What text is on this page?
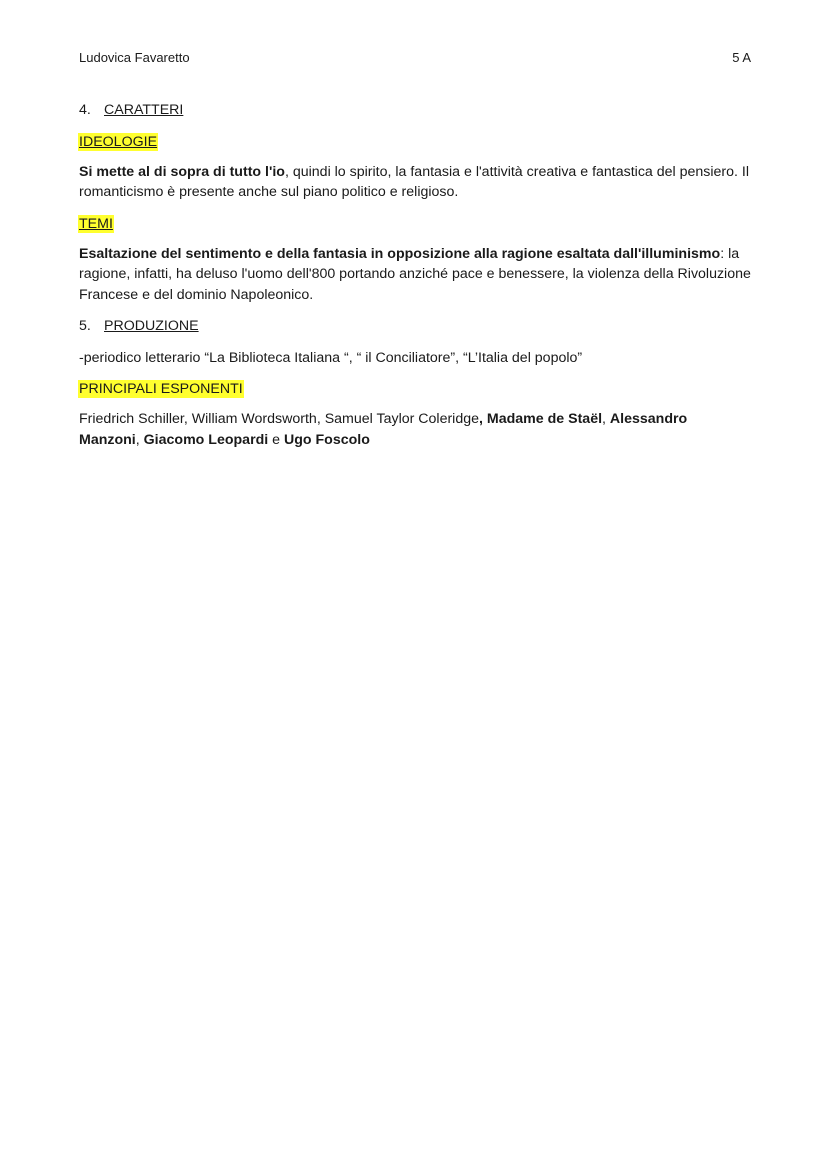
Ludovica Favaretto	5 A

4. CARATTERI

IDEOLOGIE

Si mette al di sopra di tutto l'io, quindi lo spirito, la fantasia e l'attività creativa e fantastica del pensiero. Il romanticismo è presente anche sul piano politico e religioso.

TEMI

Esaltazione del sentimento e della fantasia in opposizione alla ragione esaltata dall'illuminismo: la ragione, infatti, ha deluso l'uomo dell'800 portando anziché pace e benessere, la violenza della Rivoluzione Francese e del dominio Napoleonico.

5. PRODUZIONE

-periodico letterario “La Biblioteca Italiana “, “ il Conciliatore”, “L’Italia del popolo”

PRINCIPALI ESPONENTI

Friedrich Schiller, William Wordsworth, Samuel Taylor Coleridge, Madame de Staël, Alessandro Manzoni, Giacomo Leopardi e Ugo Foscolo
